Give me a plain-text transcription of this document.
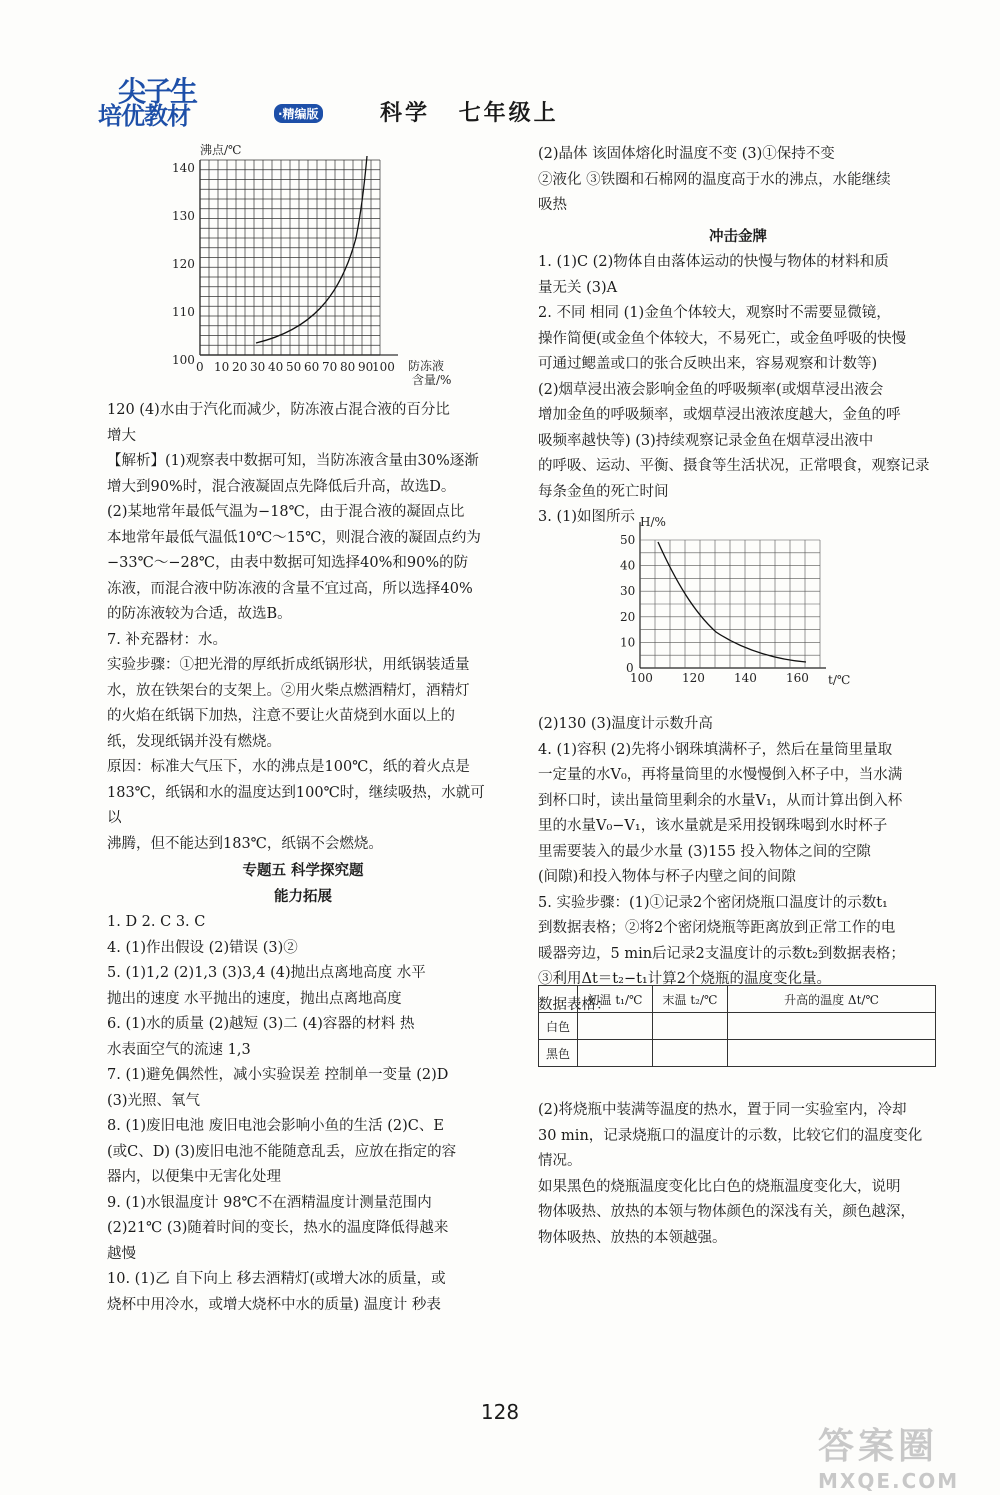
尖子生
培优教材	·精编版	科学 七年级上
沸点/℃
140
130
120
110
100 0 10 20 30 40 50 60 70 80 90
100 防冻液
含量/%

120 (4)水由于汽化而减少，防冻液占混合液的百分比

增大

【解析】(1)观察表中数据可知，当防冻液含量由30%逐渐

增大到90%时，混合液凝固点先降低后升高，故选D。

(2)某地常年最低气温为−18℃，由于混合液的凝固点比

本地常年最低气温低10℃～15℃，则混合液的凝固点约为

−33℃～−28℃，由表中数据可知选择40%和90%的防

冻液，而混合液中防冻液的含量不宜过高，所以选择40%

的防冻液较为合适，故选B。

7. 补充器材：水。

实验步骤：①把光滑的厚纸折成纸锅形状，用纸锅装适量

水，放在铁架台的支架上。②用火柴点燃酒精灯，酒精灯

的火焰在纸锅下加热，注意不要让火苗烧到水面以上的

纸，发现纸锅并没有燃烧。

原因：标准大气压下，水的沸点是100℃，纸的着火点是

183℃，纸锅和水的温度达到100℃时，继续吸热，水就可以

沸腾，但不能达到183℃，纸锅不会燃烧。

专题五 科学探究题

能力拓展

1. D 2. C 3. C

4. (1)作出假设 (2)错误 (3)②

5. (1)1,2 (2)1,3 (3)3,4 (4)抛出点离地高度 水平

抛出的速度 水平抛出的速度，抛出点离地高度

6. (1)水的质量 (2)越短 (3)二 (4)容器的材料 热

水表面空气的流速 1,3

7. (1)避免偶然性，减小实验误差 控制单一变量 (2)D

(3)光照、氧气

8. (1)废旧电池 废旧电池会影响小鱼的生活 (2)C、E

(或C、D) (3)废旧电池不能随意乱丢，应放在指定的容

器内，以便集中无害化处理

9. (1)水银温度计 98℃不在酒精温度计测量范围内

(2)21℃ (3)随着时间的变长，热水的温度降低得越来

越慢

10. (1)乙 自下向上 移去酒精灯(或增大冰的质量，或

烧杯中用冷水，或增大烧杯中水的质量) 温度计 秒表

(2)晶体 该固体熔化时温度不变 (3)①保持不变

②液化 ③铁圈和石棉网的温度高于水的沸点，水能继续

吸热

冲击金牌

1. (1)C (2)物体自由落体运动的快慢与物体的材料和质

量无关 (3)A

2. 不同 相同 (1)金鱼个体较大，观察时不需要显微镜，

操作简便(或金鱼个体较大，不易死亡，或金鱼呼吸的快慢

可通过鳃盖或口的张合反映出来，容易观察和计数等)

(2)烟草浸出液会影响金鱼的呼吸频率(或烟草浸出液会

增加金鱼的呼吸频率，或烟草浸出液浓度越大，金鱼的呼

吸频率越快等) (3)持续观察记录金鱼在烟草浸出液中

的呼吸、运动、平衡、摄食等生活状况，正常喂食，观察记录

每条金鱼的死亡时间

3. (1)如图所示 H/%
t/℃
50
40
30
20
10
0
100 120 140 160

(2)130 (3)温度计示数升高

4. (1)容积 (2)先将小钢珠填满杯子，然后在量筒里量取

一定量的水V₀，再将量筒里的水慢慢倒入杯子中，当水满

到杯口时，读出量筒里剩余的水量V₁，从而计算出倒入杯

里的水量V₀−V₁，该水量就是采用投钢珠喝到水时杯子

里需要装入的最少水量 (3)155 投入物体之间的空隙

(间隙)和投入物体与杯子内壁之间的间隙

5. 实验步骤：(1)①记录2个密闭烧瓶口温度计的示数t₁

到数据表格；②将2个密闭烧瓶等距离放到正常工作的电

暖器旁边，5 min后记录2支温度计的示数t₂到数据表格；

③利用Δt＝t₂−t₁计算2个烧瓶的温度变化量。

数据表格：

	初温 t₁/℃	末温 t₂/℃	升高的温度 Δt/℃
白色			
黑色			

(2)将烧瓶中装满等温度的热水，置于同一实验室内，冷却

30 min，记录烧瓶口的温度计的示数，比较它们的温度变化

情况。

如果黑色的烧瓶温度变化比白色的烧瓶温度变化大，说明

物体吸热、放热的本领与物体颜色的深浅有关，颜色越深，

物体吸热、放热的本领越强。

128
答案圈
MXQE.COM
